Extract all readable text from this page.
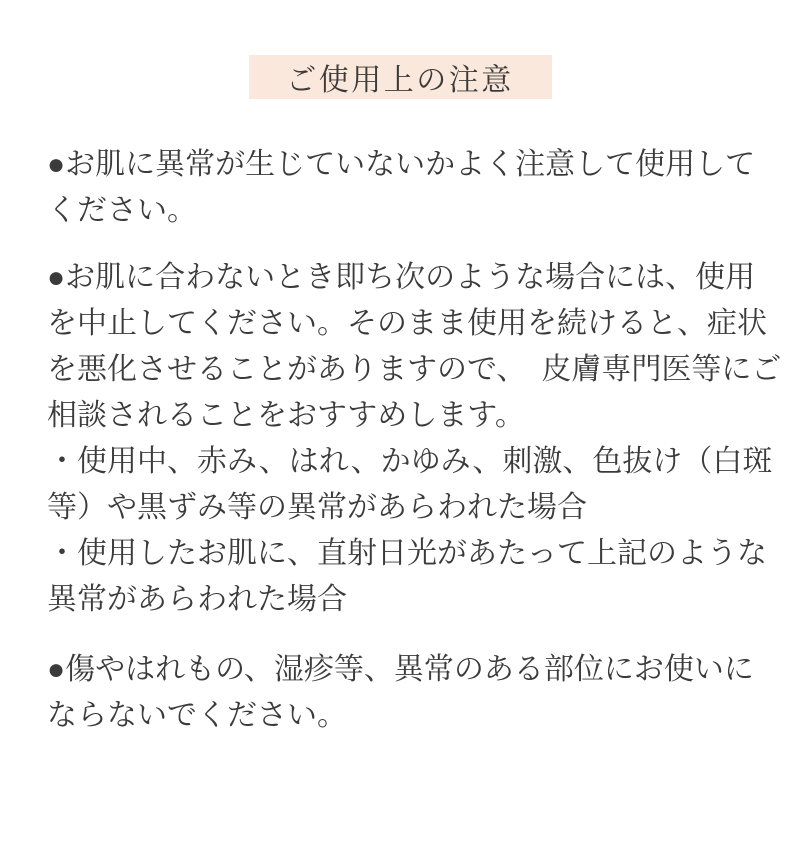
ご使用上の注意
●お肌に異常が生じていないかよく注意して使用して
ください。
●お肌に合わないとき即ち次のような場合には、使用
を中止してください。そのまま使用を続けると、症状
を悪化させることがありますので、　皮膚専門医等にご
相談されることをおすすめします。
・使用中、赤み、はれ、かゆみ、刺激、色抜け（白斑
等）や黒ずみ等の異常があらわれた場合
・使用したお肌に、直射日光があたって上記のような
異常があらわれた場合
●傷やはれもの、湿疹等、異常のある部位にお使いに
ならないでください。
